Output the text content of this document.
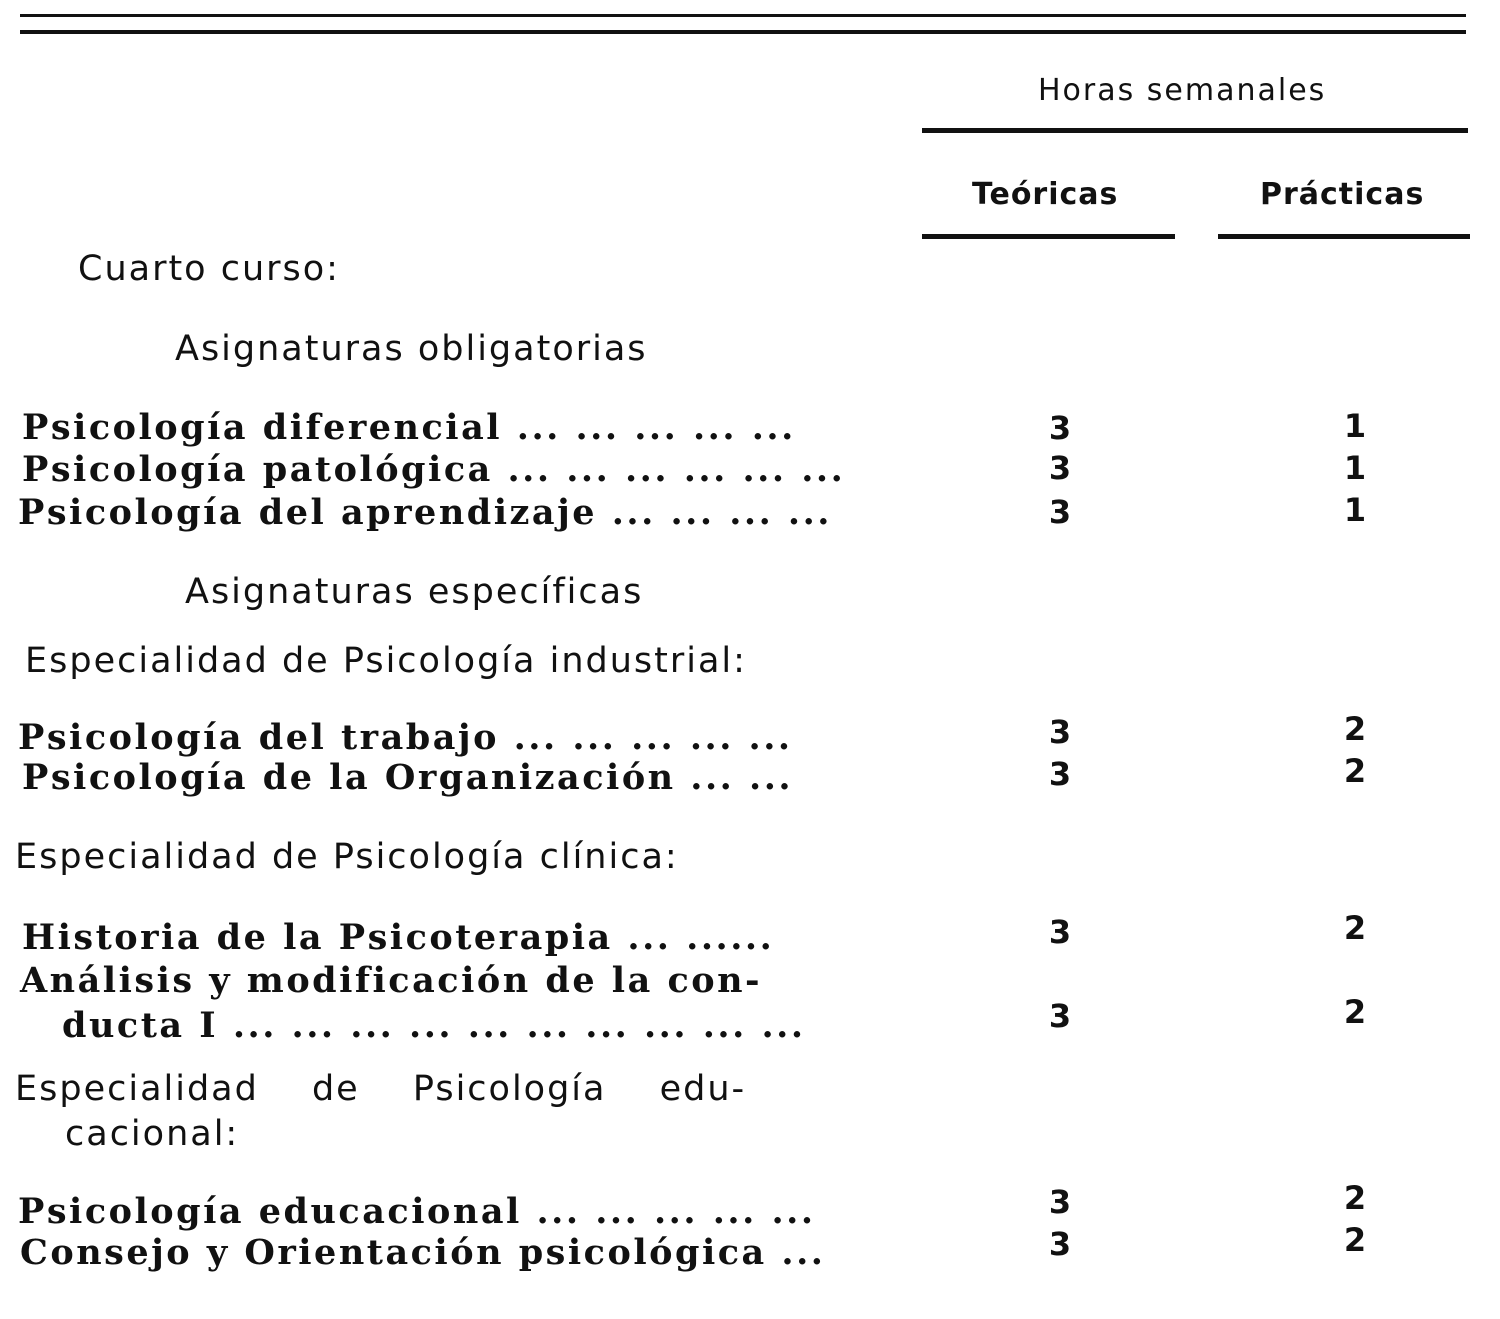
Horas semanales
Teóricas	Prácticas
Cuarto curso:
Asignaturas obligatorias
Psicología diferencial ... ... ... ... ...	3	1
Psicología patológica ... ... ... ... ... ...	3	1
Psicología del aprendizaje ... ... ... ...	3	1
Asignaturas específicas
Especialidad de Psicología industrial:
Psicología del trabajo ... ... ... ... ...	3	2
Psicología de la Organización ... ...	3	2
Especialidad de Psicología clínica:
Historia de la Psicoterapia ... ......	3	2
Análisis y modificación de la con-
ducta I ... ... ... ... ... ... ... ... ... ...	3	2
Especialidad de Psicología edu-
cacional:
Psicología educacional ... ... ... ... ...	3	2
Consejo y Orientación psicológica ...	3	2
